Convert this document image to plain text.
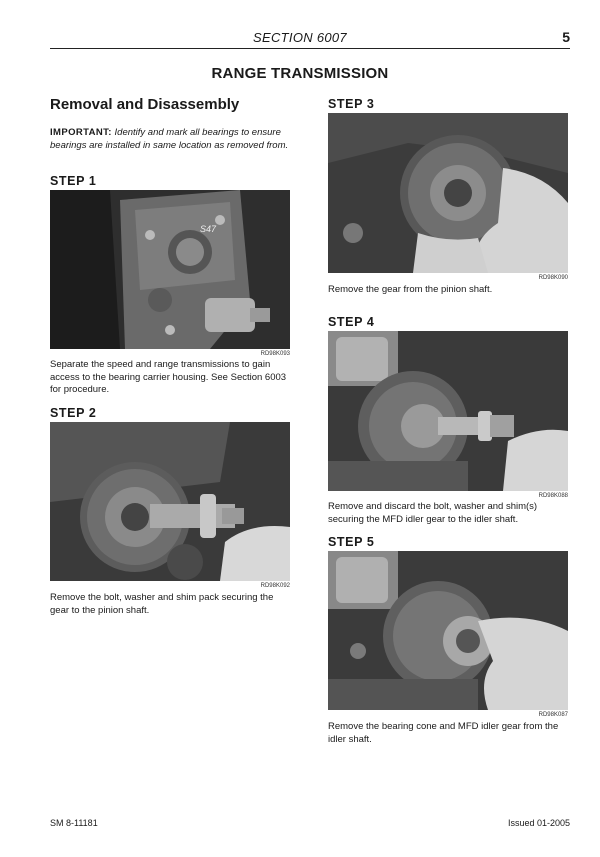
SECTION 6007	5
RANGE TRANSMISSION
Removal and Disassembly
IMPORTANT: Identify and mark all bearings to ensure bearings are installed in same location as removed from.
STEP 1
S47
RD98K093
Separate the speed and range transmissions to gain access to the bearing carrier housing. See Section 6003 for procedure.
STEP 2
RD98K092
Remove the bolt, washer and shim pack securing the gear to the pinion shaft.
STEP 3
RD98K090
Remove the gear from the pinion shaft.
STEP 4
RD98K088
Remove and discard the bolt, washer and shim(s) securing the MFD idler gear to the idler shaft.
STEP 5
RD98K087
Remove the bearing cone and MFD idler gear from the idler shaft.
SM 8-11181	Issued 01-2005
